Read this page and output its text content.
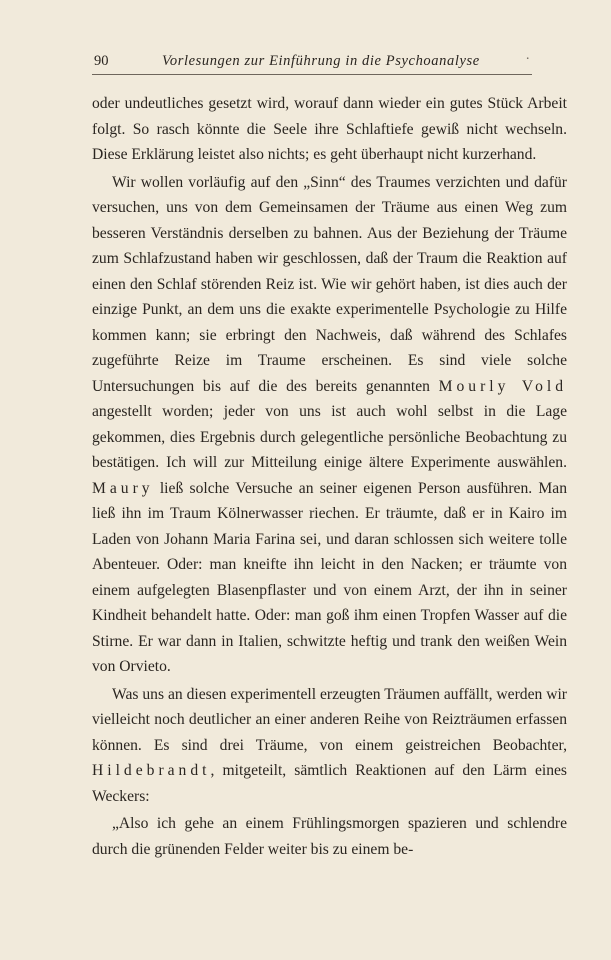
90	Vorlesungen zur Einführung in die Psychoanalyse	·

oder undeutliches gesetzt wird, worauf dann wieder ein gutes Stück Arbeit folgt. So rasch könnte die Seele ihre Schlaftiefe gewiß nicht wechseln. Diese Erklärung leistet also nichts; es geht überhaupt nicht kurzerhand.

Wir wollen vorläufig auf den „Sinn“ des Traumes verzichten und dafür versuchen, uns von dem Gemeinsamen der Träume aus einen Weg zum besseren Verständnis derselben zu bahnen. Aus der Beziehung der Träume zum Schlafzustand haben wir geschlossen, daß der Traum die Reaktion auf einen den Schlaf störenden Reiz ist. Wie wir gehört haben, ist dies auch der einzige Punkt, an dem uns die exakte experimentelle Psychologie zu Hilfe kommen kann; sie erbringt den Nachweis, daß während des Schlafes zugeführte Reize im Traume erscheinen. Es sind viele solche Untersuchungen bis auf die des bereits genannten Mourly Vold angestellt worden; jeder von uns ist auch wohl selbst in die Lage gekommen, dies Ergebnis durch gelegentliche persönliche Beobachtung zu bestätigen. Ich will zur Mitteilung einige ältere Experimente auswählen. Maury ließ solche Versuche an seiner eigenen Person ausführen. Man ließ ihn im Traum Kölnerwasser riechen. Er träumte, daß er in Kairo im Laden von Johann Maria Farina sei, und daran schlossen sich weitere tolle Abenteuer. Oder: man kneifte ihn leicht in den Nacken; er träumte von einem aufgelegten Blasenpflaster und von einem Arzt, der ihn in seiner Kindheit behandelt hatte. Oder: man goß ihm einen Tropfen Wasser auf die Stirne. Er war dann in Italien, schwitzte heftig und trank den weißen Wein von Orvieto.

Was uns an diesen experimentell erzeugten Träumen auffällt, werden wir vielleicht noch deutlicher an einer anderen Reihe von Reizträumen erfassen können. Es sind drei Träume, von einem geistreichen Beobachter, Hildebrandt, mitgeteilt, sämtlich Reaktionen auf den Lärm eines Weckers:

„Also ich gehe an einem Frühlingsmorgen spazieren und schlendre durch die grünenden Felder weiter bis zu einem be-
